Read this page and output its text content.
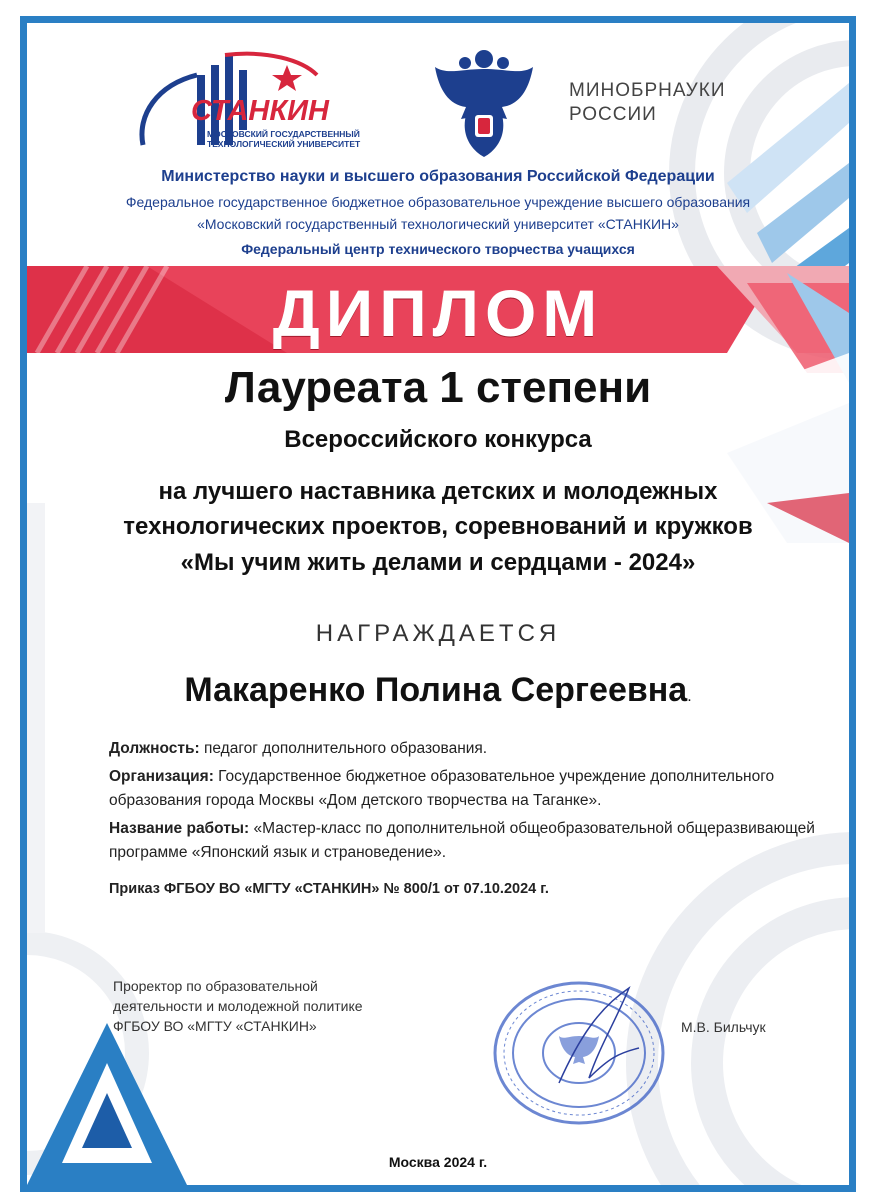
СТАНКИН
МОСКОВСКИЙ ГОСУДАРСТВЕННЫЙ
ТЕХНОЛОГИЧЕСКИЙ УНИВЕРСИТЕТ
МИНОБРНАУКИ
РОССИИ
Министерство науки и высшего образования Российской Федерации
Федеральное государственное бюджетное образовательное учреждение высшего образования
«Московский государственный технологический университет «СТАНКИН»
Федеральный центр технического творчества учащихся
ДИПЛОМ
Лауреата 1 степени
Всероссийского конкурса
на лучшего наставника детских и молодежных
технологических проектов, соревнований и кружков
«Мы учим жить делами и сердцами - 2024»
НАГРАЖДАЕТСЯ
Макаренко Полина Сергеевна.

Должность: педагог дополнительного образования.

Организация: Государственное бюджетное образовательное учреждение дополнительного образования города Москвы «Дом детского творчества на Таганке».

Название работы: «Мастер-класс по дополнительной общеобразовательной общеразвивающей программе «Японский язык и страноведение».

Приказ ФГБОУ ВО «МГТУ «СТАНКИН» № 800/1 от 07.10.2024 г.
Проректор по образовательной
деятельности и молодежной политике
ФГБОУ ВО «МГТУ «СТАНКИН»	М.В. Бильчук
Москва 2024 г.
